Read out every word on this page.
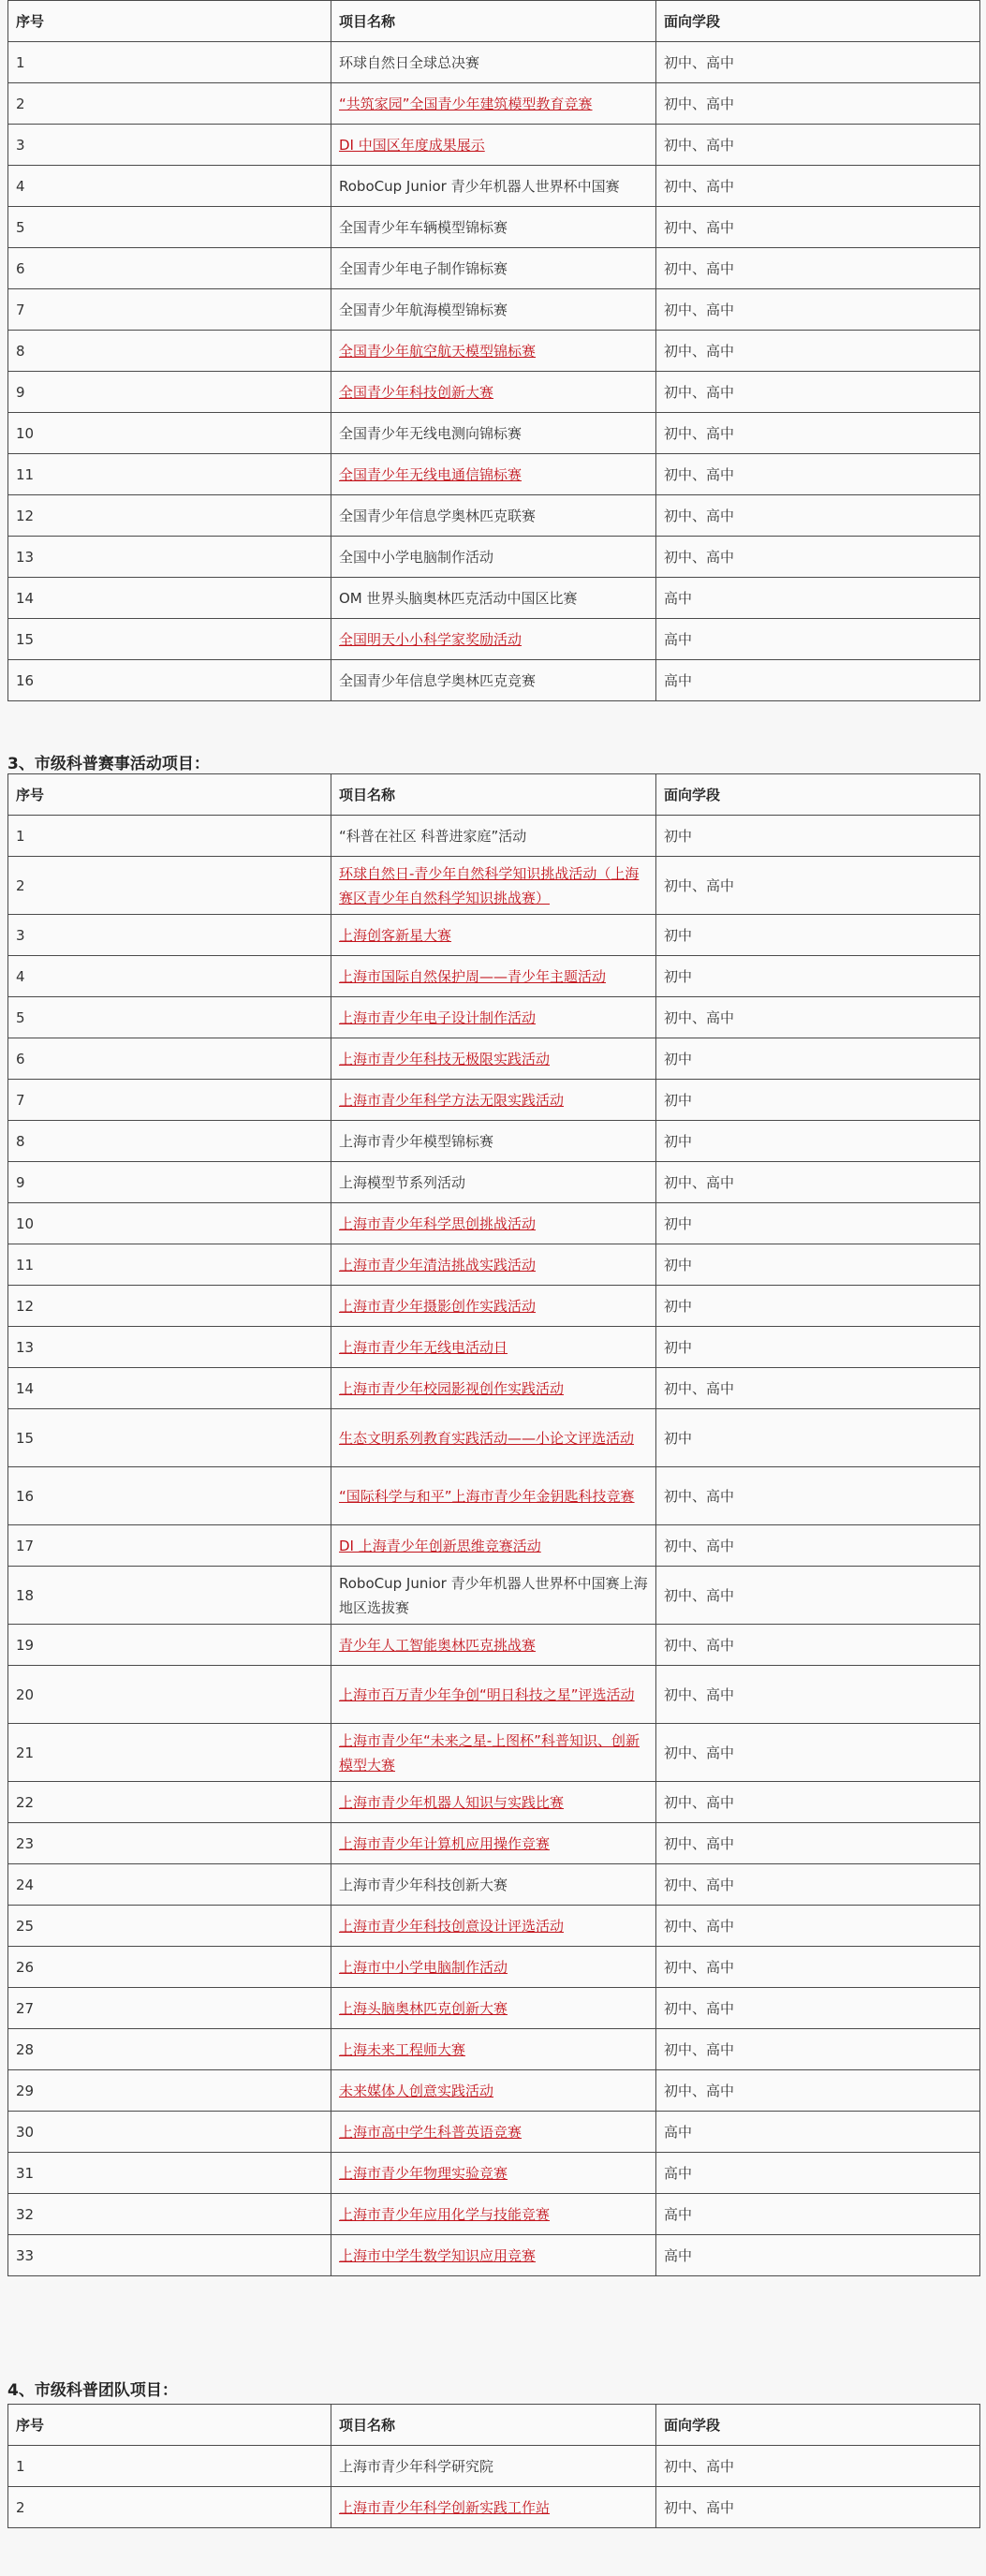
序号	项目名称	面向学段
1	环球自然日全球总决赛	初中、高中
2	“共筑家园”全国青少年建筑模型教育竞赛	初中、高中
3	DI 中国区年度成果展示	初中、高中
4	RoboCup Junior 青少年机器人世界杯中国赛	初中、高中
5	全国青少年车辆模型锦标赛	初中、高中
6	全国青少年电子制作锦标赛	初中、高中
7	全国青少年航海模型锦标赛	初中、高中
8	全国青少年航空航天模型锦标赛	初中、高中
9	全国青少年科技创新大赛	初中、高中
10	全国青少年无线电测向锦标赛	初中、高中
11	全国青少年无线电通信锦标赛	初中、高中
12	全国青少年信息学奥林匹克联赛	初中、高中
13	全国中小学电脑制作活动	初中、高中
14	OM 世界头脑奥林匹克活动中国区比赛	高中
15	全国明天小小科学家奖励活动	高中
16	全国青少年信息学奥林匹克竞赛	高中
3、市级科普赛事活动项目：
序号	项目名称	面向学段
1	“科普在社区 科普进家庭”活动	初中
2	环球自然日-青少年自然科学知识挑战活动（上海赛区青少年自然科学知识挑战赛）	初中、高中
3	上海创客新星大赛	初中
4	上海市国际自然保护周——青少年主题活动	初中
5	上海市青少年电子设计制作活动	初中、高中
6	上海市青少年科技无极限实践活动	初中
7	上海市青少年科学方法无限实践活动	初中
8	上海市青少年模型锦标赛	初中
9	上海模型节系列活动	初中、高中
10	上海市青少年科学思创挑战活动	初中
11	上海市青少年清洁挑战实践活动	初中
12	上海市青少年摄影创作实践活动	初中
13	上海市青少年无线电活动日	初中
14	上海市青少年校园影视创作实践活动	初中、高中
15	生态文明系列教育实践活动——小论文评选活动	初中
16	“国际科学与和平”上海市青少年金钥匙科技竞赛	初中、高中
17	DI 上海青少年创新思维竞赛活动	初中、高中
18	RoboCup Junior 青少年机器人世界杯中国赛上海地区选拔赛	初中、高中
19	青少年人工智能奥林匹克挑战赛	初中、高中
20	上海市百万青少年争创“明日科技之星”评选活动	初中、高中
21	上海市青少年“未来之星-上图杯”科普知识、创新模型大赛	初中、高中
22	上海市青少年机器人知识与实践比赛	初中、高中
23	上海市青少年计算机应用操作竞赛	初中、高中
24	上海市青少年科技创新大赛	初中、高中
25	上海市青少年科技创意设计评选活动	初中、高中
26	上海市中小学电脑制作活动	初中、高中
27	上海头脑奥林匹克创新大赛	初中、高中
28	上海未来工程师大赛	初中、高中
29	未来媒体人创意实践活动	初中、高中
30	上海市高中学生科普英语竞赛	高中
31	上海市青少年物理实验竞赛	高中
32	上海市青少年应用化学与技能竞赛	高中
33	上海市中学生数学知识应用竞赛	高中
4、市级科普团队项目：
序号	项目名称	面向学段
1	上海市青少年科学研究院	初中、高中
2	上海市青少年科学创新实践工作站	初中、高中
